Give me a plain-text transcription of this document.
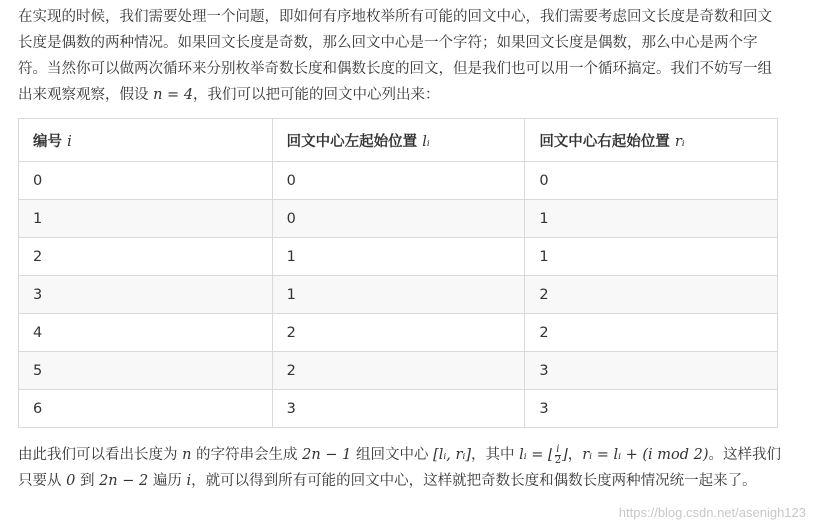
在实现的时候，我们需要处理一个问题，即如何有序地枚举所有可能的回文中心，我们需要考虑回文长度是奇数和回文长度是偶数的两种情况。如果回文长度是奇数，那么回文中心是一个字符；如果回文长度是偶数，那么中心是两个字符。当然你可以做两次循环来分别枚举奇数长度和偶数长度的回文，但是我们也可以用一个循环搞定。我们不妨写一组出来观察观察，假设 n = 4，我们可以把可能的回文中心列出来：

编号 i	回文中心左起始位置 lᵢ	回文中心右起始位置 rᵢ
0	0	0
1	0	1
2	1	1
3	1	2
4	2	2
5	2	3
6	3	3

由此我们可以看出长度为 n 的字符串会生成 2n − 1 组回文中心 [lᵢ, rᵢ]，其中 lᵢ = ⌊ $\frac{i}{2}$ ⌋，rᵢ = lᵢ + (i mod 2)。这样我们只要从 0 到 2n − 2 遍历 i，就可以得到所有可能的回文中心，这样就把奇数长度和偶数长度两种情况统一起来了。

https://blog.csdn.net/asenigh123
